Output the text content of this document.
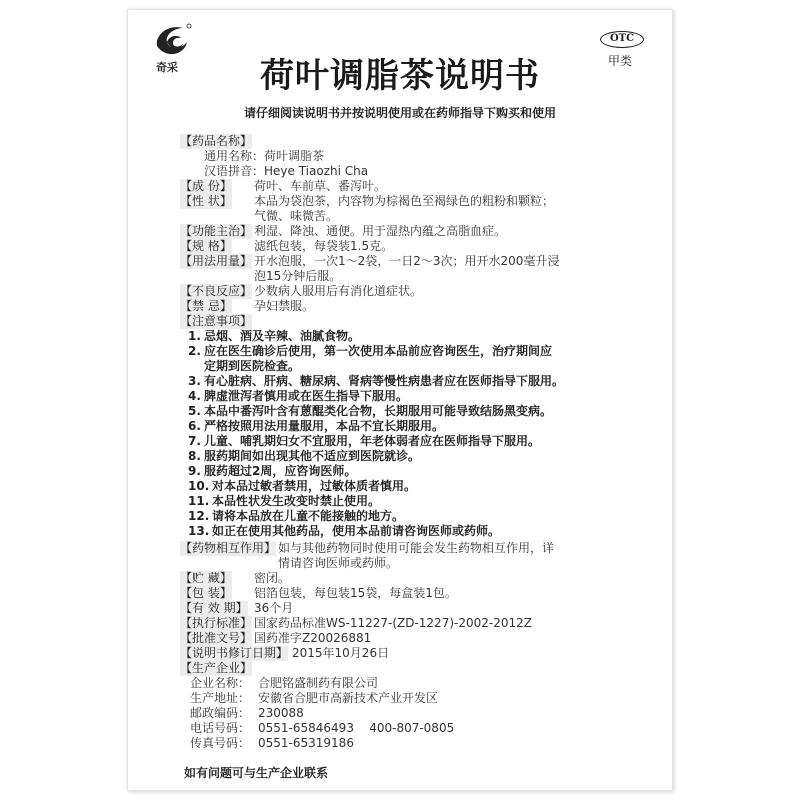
奇采
OTC
甲类
荷叶调脂茶说明书
请仔细阅读说明书并按说明使用或在药师指导下购买和使用
【药品名称】
通用名称： 荷叶调脂茶
汉语拼音： Heye Tiaozhi Cha
【成 份】 荷叶、车前草、番泻叶。
【性 状】 本品为袋泡茶，内容物为棕褐色至褐绿色的粗粉和颗粒；
气微、味微苦。
【功能主治】 利湿、降浊、通便。用于湿热内蕴之高脂血症。
【规 格】 滤纸包装，每袋装1.5克。
【用法用量】 开水泡服，一次1～2袋，一日2～3次；用开水200毫升浸
泡15分钟后服。
【不良反应】 少数病人服用后有消化道症状。
【禁 忌】 孕妇禁服。
【注意事项】
1. 忌烟、酒及辛辣、油腻食物。
2. 应在医生确诊后使用，第一次使用本品前应咨询医生，治疗期间应
定期到医院检查。
3. 有心脏病、肝病、糖尿病、肾病等慢性病患者应在医师指导下服用。
4. 脾虚泄泻者慎用或在医生指导下服用。
5. 本品中番泻叶含有蒽醌类化合物，长期服用可能导致结肠黑变病。
6. 严格按照用法用量服用，本品不宜长期服用。
7. 儿童、哺乳期妇女不宜服用，年老体弱者应在医师指导下服用。
8. 服药期间如出现其他不适应到医院就诊。
9. 服药超过2周，应咨询医师。
10. 对本品过敏者禁用，过敏体质者慎用。
11. 本品性状发生改变时禁止使用。
12. 请将本品放在儿童不能接触的地方。
13. 如正在使用其他药品，使用本品前请咨询医师或药师。
【药物相互作用】 如与其他药物同时使用可能会发生药物相互作用，详
情请咨询医师或药师。
【贮 藏】 密闭。
【包 装】 铝箔包装，每包装15袋，每盒装1包。
【有 效 期】 36个月
【执行标准】 国家药品标准WS-11227-(ZD-1227)-2002-2012Z
【批准文号】 国药准字Z20026881
【说明书修订日期】 2015年10月26日
【生产企业】
企业名称： 合肥铭盛制药有限公司
生产地址： 安徽省合肥市高新技术产业开发区
邮政编码： 230088
电话号码： 0551-65846493    400-807-0805
传真号码： 0551-65319186
如有问题可与生产企业联系
